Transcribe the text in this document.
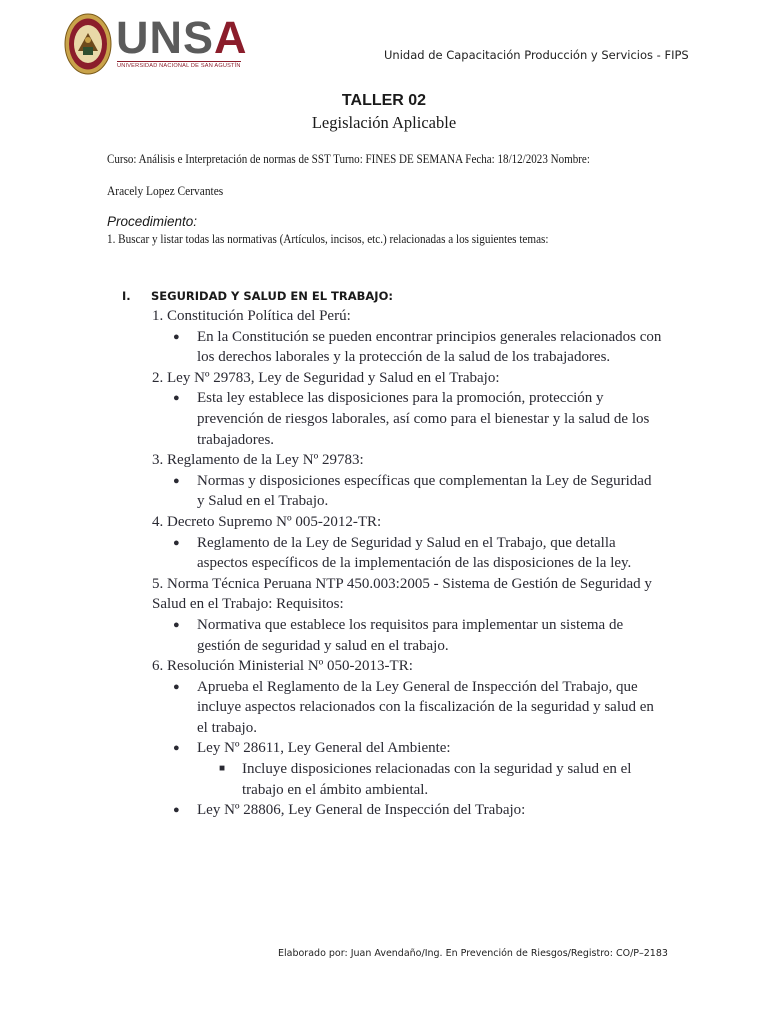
UNSA
UNIVERSIDAD NACIONAL DE SAN AGUSTÍN
Unidad de Capacitación Producción y Servicios - FIPS
TALLER 02
Legislación Aplicable
Curso: Análisis e Interpretación de normas de SST Turno: FINES DE SEMANA Fecha: 18/12/2023 Nombre:
Aracely Lopez Cervantes
Procedimiento:
1. Buscar y listar todas las normativas (Artículos, incisos, etc.) relacionadas a los siguientes temas:
I. SEGURIDAD Y SALUD EN EL TRABAJO:

1. Constitución Política del Perú:

● En la Constitución se pueden encontrar principios generales relacionados con los derechos laborales y la protección de la salud de los trabajadores.

2. Ley Nº 29783, Ley de Seguridad y Salud en el Trabajo:

● Esta ley establece las disposiciones para la promoción, protección y prevención de riesgos laborales, así como para el bienestar y la salud de los trabajadores.

3. Reglamento de la Ley Nº 29783:

● Normas y disposiciones específicas que complementan la Ley de Seguridad y Salud en el Trabajo.

4. Decreto Supremo Nº 005-2012-TR:

● Reglamento de la Ley de Seguridad y Salud en el Trabajo, que detalla aspectos específicos de la implementación de las disposiciones de la ley.

5. Norma Técnica Peruana NTP 450.003:2005 - Sistema de Gestión de Seguridad y Salud en el Trabajo: Requisitos:

● Normativa que establece los requisitos para implementar un sistema de gestión de seguridad y salud en el trabajo.

6. Resolución Ministerial Nº 050-2013-TR:

● Aprueba el Reglamento de la Ley General de Inspección del Trabajo, que incluye aspectos relacionados con la fiscalización de la seguridad y salud en el trabajo.

● Ley Nº 28611, Ley General del Ambiente:

■ Incluye disposiciones relacionadas con la seguridad y salud en el trabajo en el ámbito ambiental.

● Ley Nº 28806, Ley General de Inspección del Trabajo:

Elaborado por: Juan Avendaño/Ing. En Prevención de Riesgos/Registro: CO/P–2183
